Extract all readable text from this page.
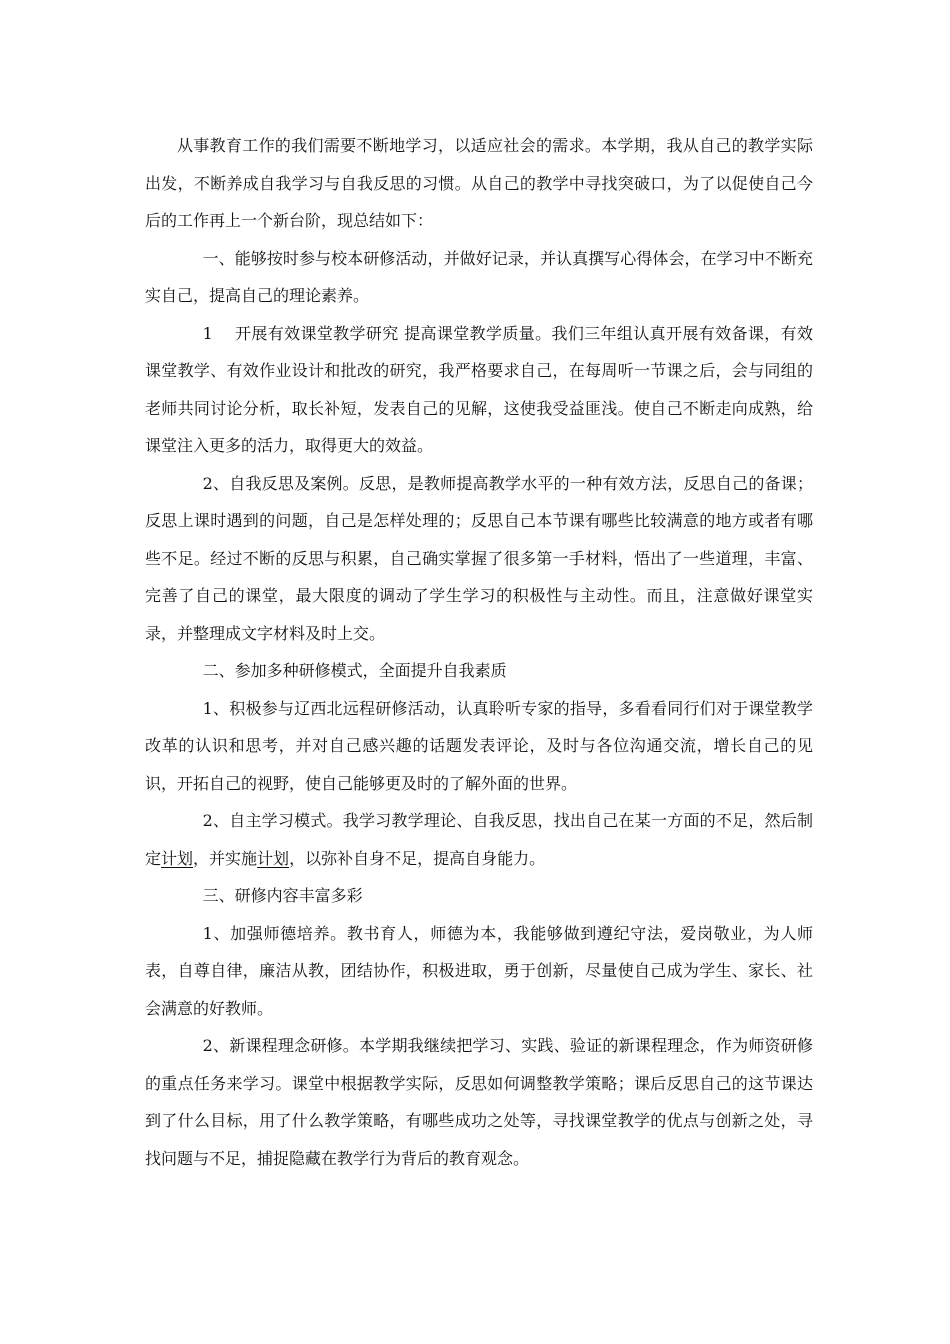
从事教育工作的我们需要不断地学习，以适应社会的需求。本学期，我从自己的教学实际出发，不断养成自我学习与自我反思的习惯。从自己的教学中寻找突破口，为了以促使自己今后的工作再上一个新台阶，现总结如下：

一、能够按时参与校本研修活动，并做好记录，并认真撰写心得体会，在学习中不断充实自己，提高自己的理论素养。

1　 开展有效课堂教学研究 提高课堂教学质量。我们三年组认真开展有效备课，有效课堂教学、有效作业设计和批改的研究，我严格要求自己，在每周听一节课之后，会与同组的老师共同讨论分析，取长补短，发表自己的见解，这使我受益匪浅。使自己不断走向成熟，给课堂注入更多的活力，取得更大的效益。

2、自我反思及案例。反思，是教师提高教学水平的一种有效方法，反思自己的备课；反思上课时遇到的问题，自己是怎样处理的；反思自己本节课有哪些比较满意的地方或者有哪些不足。经过不断的反思与积累，自己确实掌握了很多第一手材料，悟出了一些道理，丰富、完善了自己的课堂，最大限度的调动了学生学习的积极性与主动性。而且，注意做好课堂实录，并整理成文字材料及时上交。

二、参加多种研修模式，全面提升自我素质

1、积极参与辽西北远程研修活动，认真聆听专家的指导，多看看同行们对于课堂教学改革的认识和思考，并对自己感兴趣的话题发表评论，及时与各位沟通交流，增长自己的见识，开拓自己的视野，使自己能够更及时的了解外面的世界。

2、自主学习模式。我学习教学理论、自我反思，找出自己在某一方面的不足，然后制定计划，并实施计划，以弥补自身不足，提高自身能力。

三、研修内容丰富多彩

1、加强师德培养。教书育人，师德为本，我能够做到遵纪守法，爱岗敬业，为人师表，自尊自律，廉洁从教，团结协作，积极进取，勇于创新，尽量使自己成为学生、家长、社会满意的好教师。

2、新课程理念研修。本学期我继续把学习、实践、验证的新课程理念，作为师资研修的重点任务来学习。课堂中根据教学实际，反思如何调整教学策略；课后反思自己的这节课达到了什么目标，用了什么教学策略，有哪些成功之处等，寻找课堂教学的优点与创新之处，寻找问题与不足，捕捉隐藏在教学行为背后的教育观念。
